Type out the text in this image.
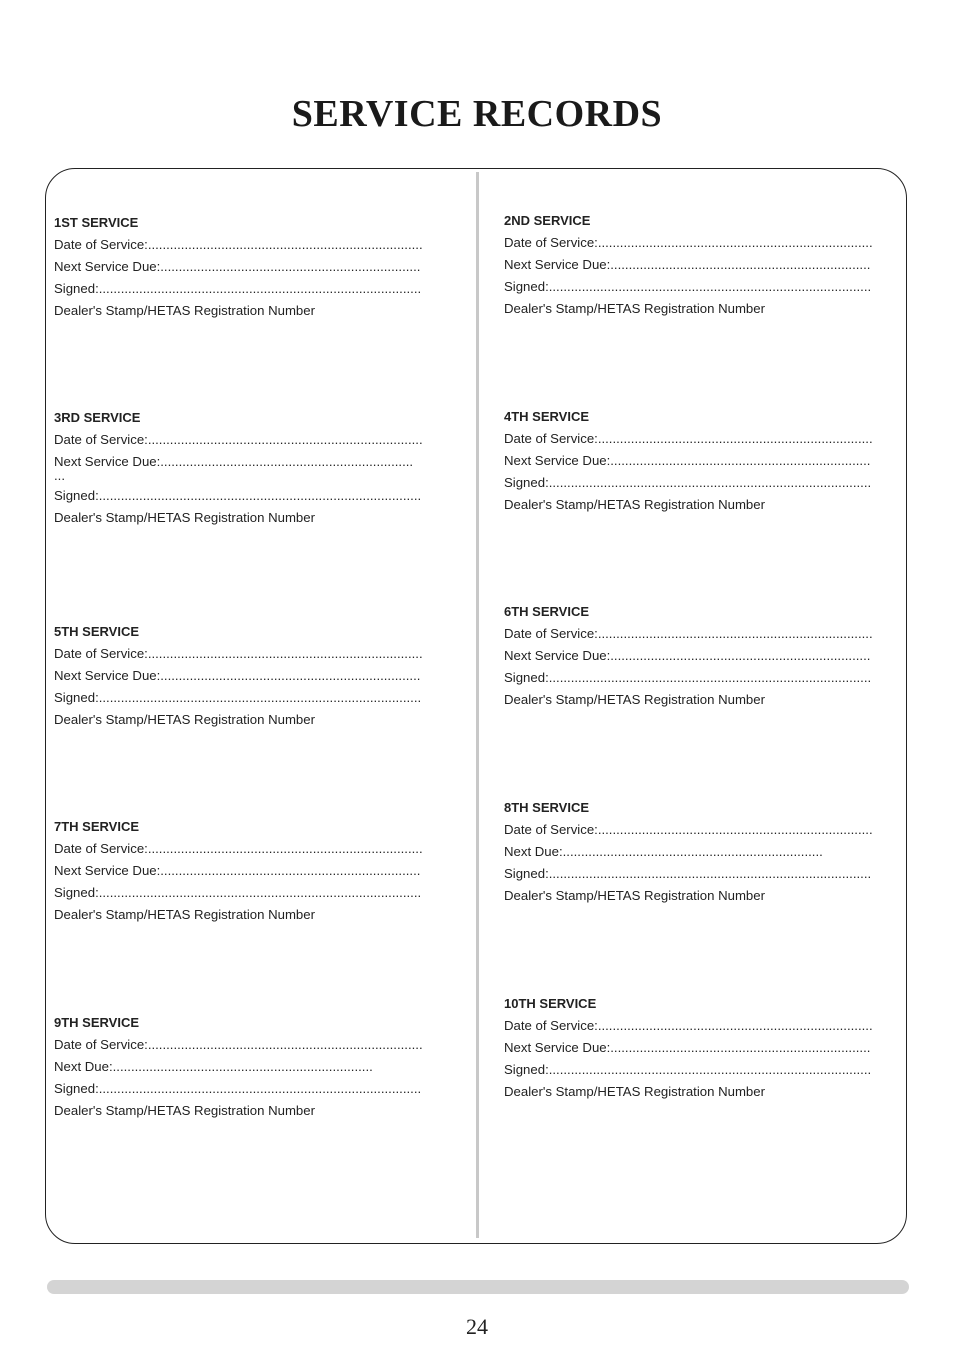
SERVICE RECORDS
1ST SERVICE
Date of Service:...........................................................................
Next Service Due:.......................................................................
Signed:........................................................................................
Dealer's Stamp/HETAS Registration Number
3RD SERVICE
Date of Service:...........................................................................
Next Service Due:.....................................................................
...
Signed:........................................................................................
Dealer's Stamp/HETAS Registration Number
5TH SERVICE
Date of Service:...........................................................................
Next Service Due:.......................................................................
Signed:........................................................................................
Dealer's Stamp/HETAS Registration Number
7TH SERVICE
Date of Service:...........................................................................
Next Service Due:.......................................................................
Signed:........................................................................................
Dealer's Stamp/HETAS Registration Number
9TH SERVICE
Date of Service:...........................................................................
Next Due:.......................................................................
Signed:........................................................................................
Dealer's Stamp/HETAS Registration Number
2ND SERVICE
Date of Service:...........................................................................
Next Service Due:.......................................................................
Signed:........................................................................................
Dealer's Stamp/HETAS Registration Number
4TH SERVICE
Date of Service:...........................................................................
Next Service Due:.......................................................................
Signed:........................................................................................
Dealer's Stamp/HETAS Registration Number
6TH SERVICE
Date of Service:...........................................................................
Next Service Due:.......................................................................
Signed:........................................................................................
Dealer's Stamp/HETAS Registration Number
8TH SERVICE
Date of Service:...........................................................................
Next Due:.......................................................................
Signed:........................................................................................
Dealer's Stamp/HETAS Registration Number
10TH SERVICE
Date of Service:...........................................................................
Next Service Due:.......................................................................
Signed:........................................................................................
Dealer's Stamp/HETAS Registration Number
24
